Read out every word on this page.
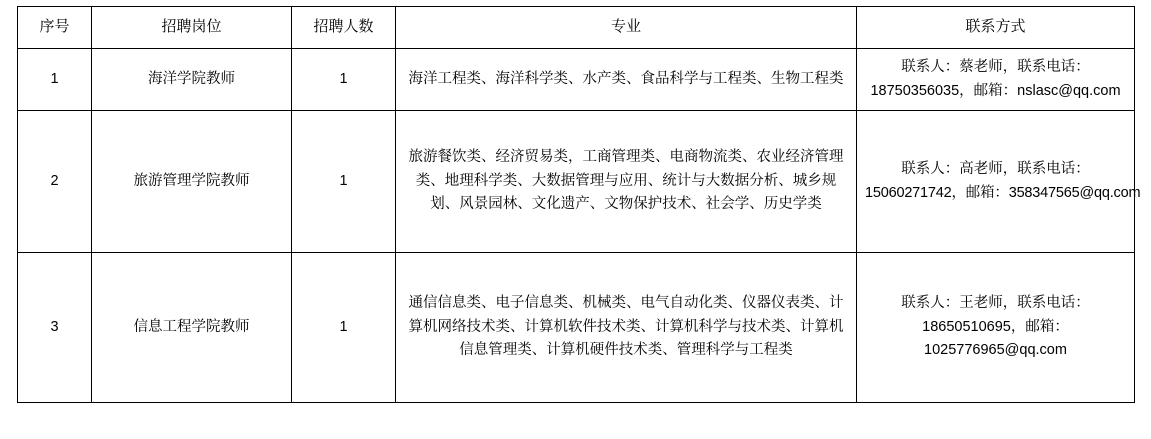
序号	招聘岗位	招聘人数	专业	联系方式
1	海洋学院教师	1	海洋工程类、海洋科学类、水产类、食品科学与工程类、生物工程类	联系人：蔡老师，联系电话：
18750356035，邮箱：nslasc@qq.com

2	旅游管理学院教师	1	旅游餐饮类、经济贸易类，工商管理类、电商物流类、农业经济管理类、地理科学类、大数据管理与应用、统计与大数据分析、城乡规划、风景园林、文化遗产、文物保护技术、社会学、历史学类	联系人：高老师，联系电话：
15060271742，邮箱：358347565@qq.com

3	信息工程学院教师	1	通信信息类、电子信息类、机械类、电气自动化类、仪器仪表类、计算机网络技术类、计算机软件技术类、计算机科学与技术类、计算机信息管理类、计算机硬件技术类、管理科学与工程类	联系人：王老师，联系电话：
18650510695，邮箱：
1025776965@qq.com
